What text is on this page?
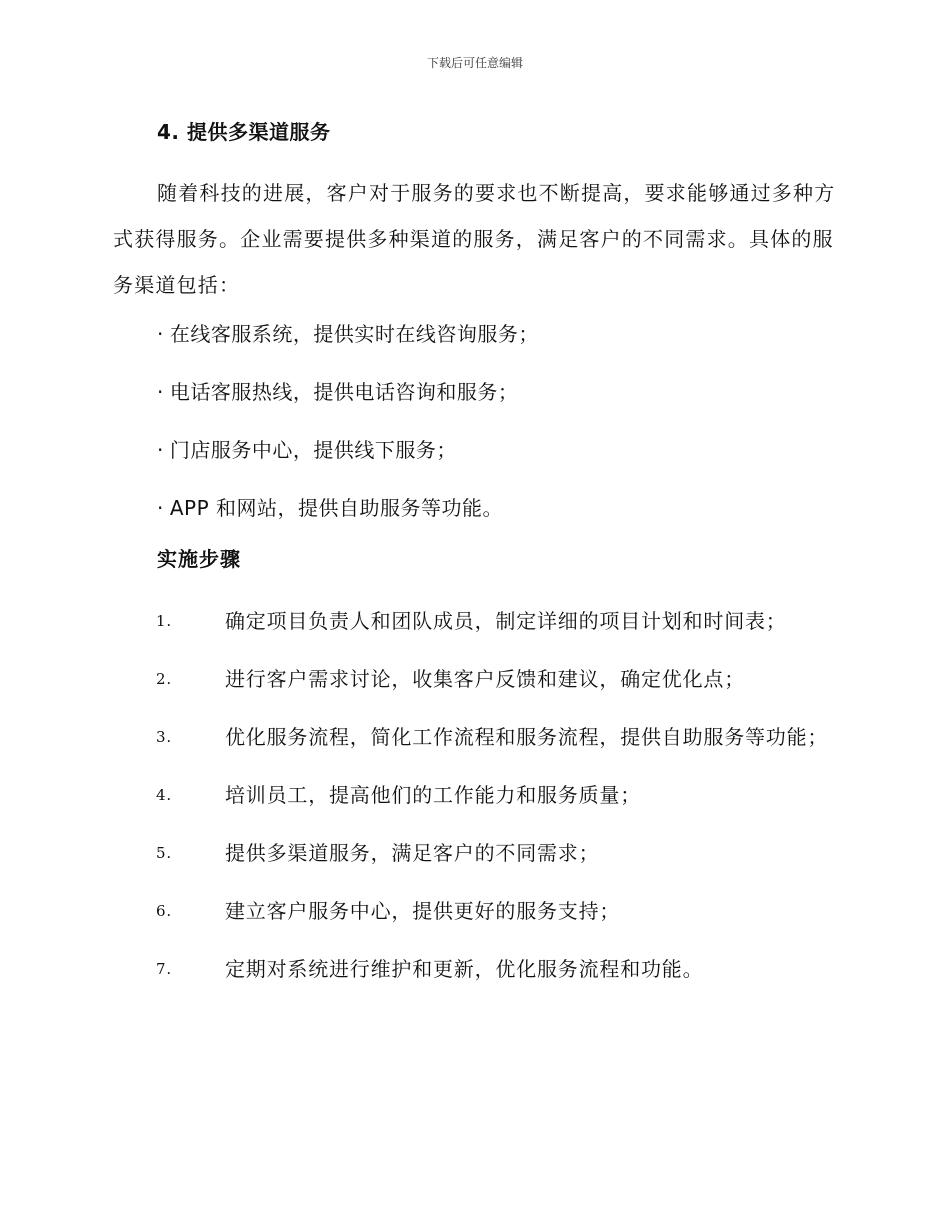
下载后可任意编辑
4. 提供多渠道服务

随着科技的进展，客户对于服务的要求也不断提高，要求能够通过多种方式获得服务。企业需要提供多种渠道的服务，满足客户的不同需求。具体的服务渠道包括：

· 在线客服系统，提供实时在线咨询服务；
· 电话客服热线，提供电话咨询和服务；
· 门店服务中心，提供线下服务；
· APP 和网站，提供自助服务等功能。
实施步骤
1.	确定项目负责人和团队成员，制定详细的项目计划和时间表；
2.	进行客户需求讨论，收集客户反馈和建议，确定优化点；
3.	优化服务流程，简化工作流程和服务流程，提供自助服务等功能；
4.	培训员工，提高他们的工作能力和服务质量；
5.	提供多渠道服务，满足客户的不同需求；
6.	建立客户服务中心，提供更好的服务支持；
7.	定期对系统进行维护和更新，优化服务流程和功能。
